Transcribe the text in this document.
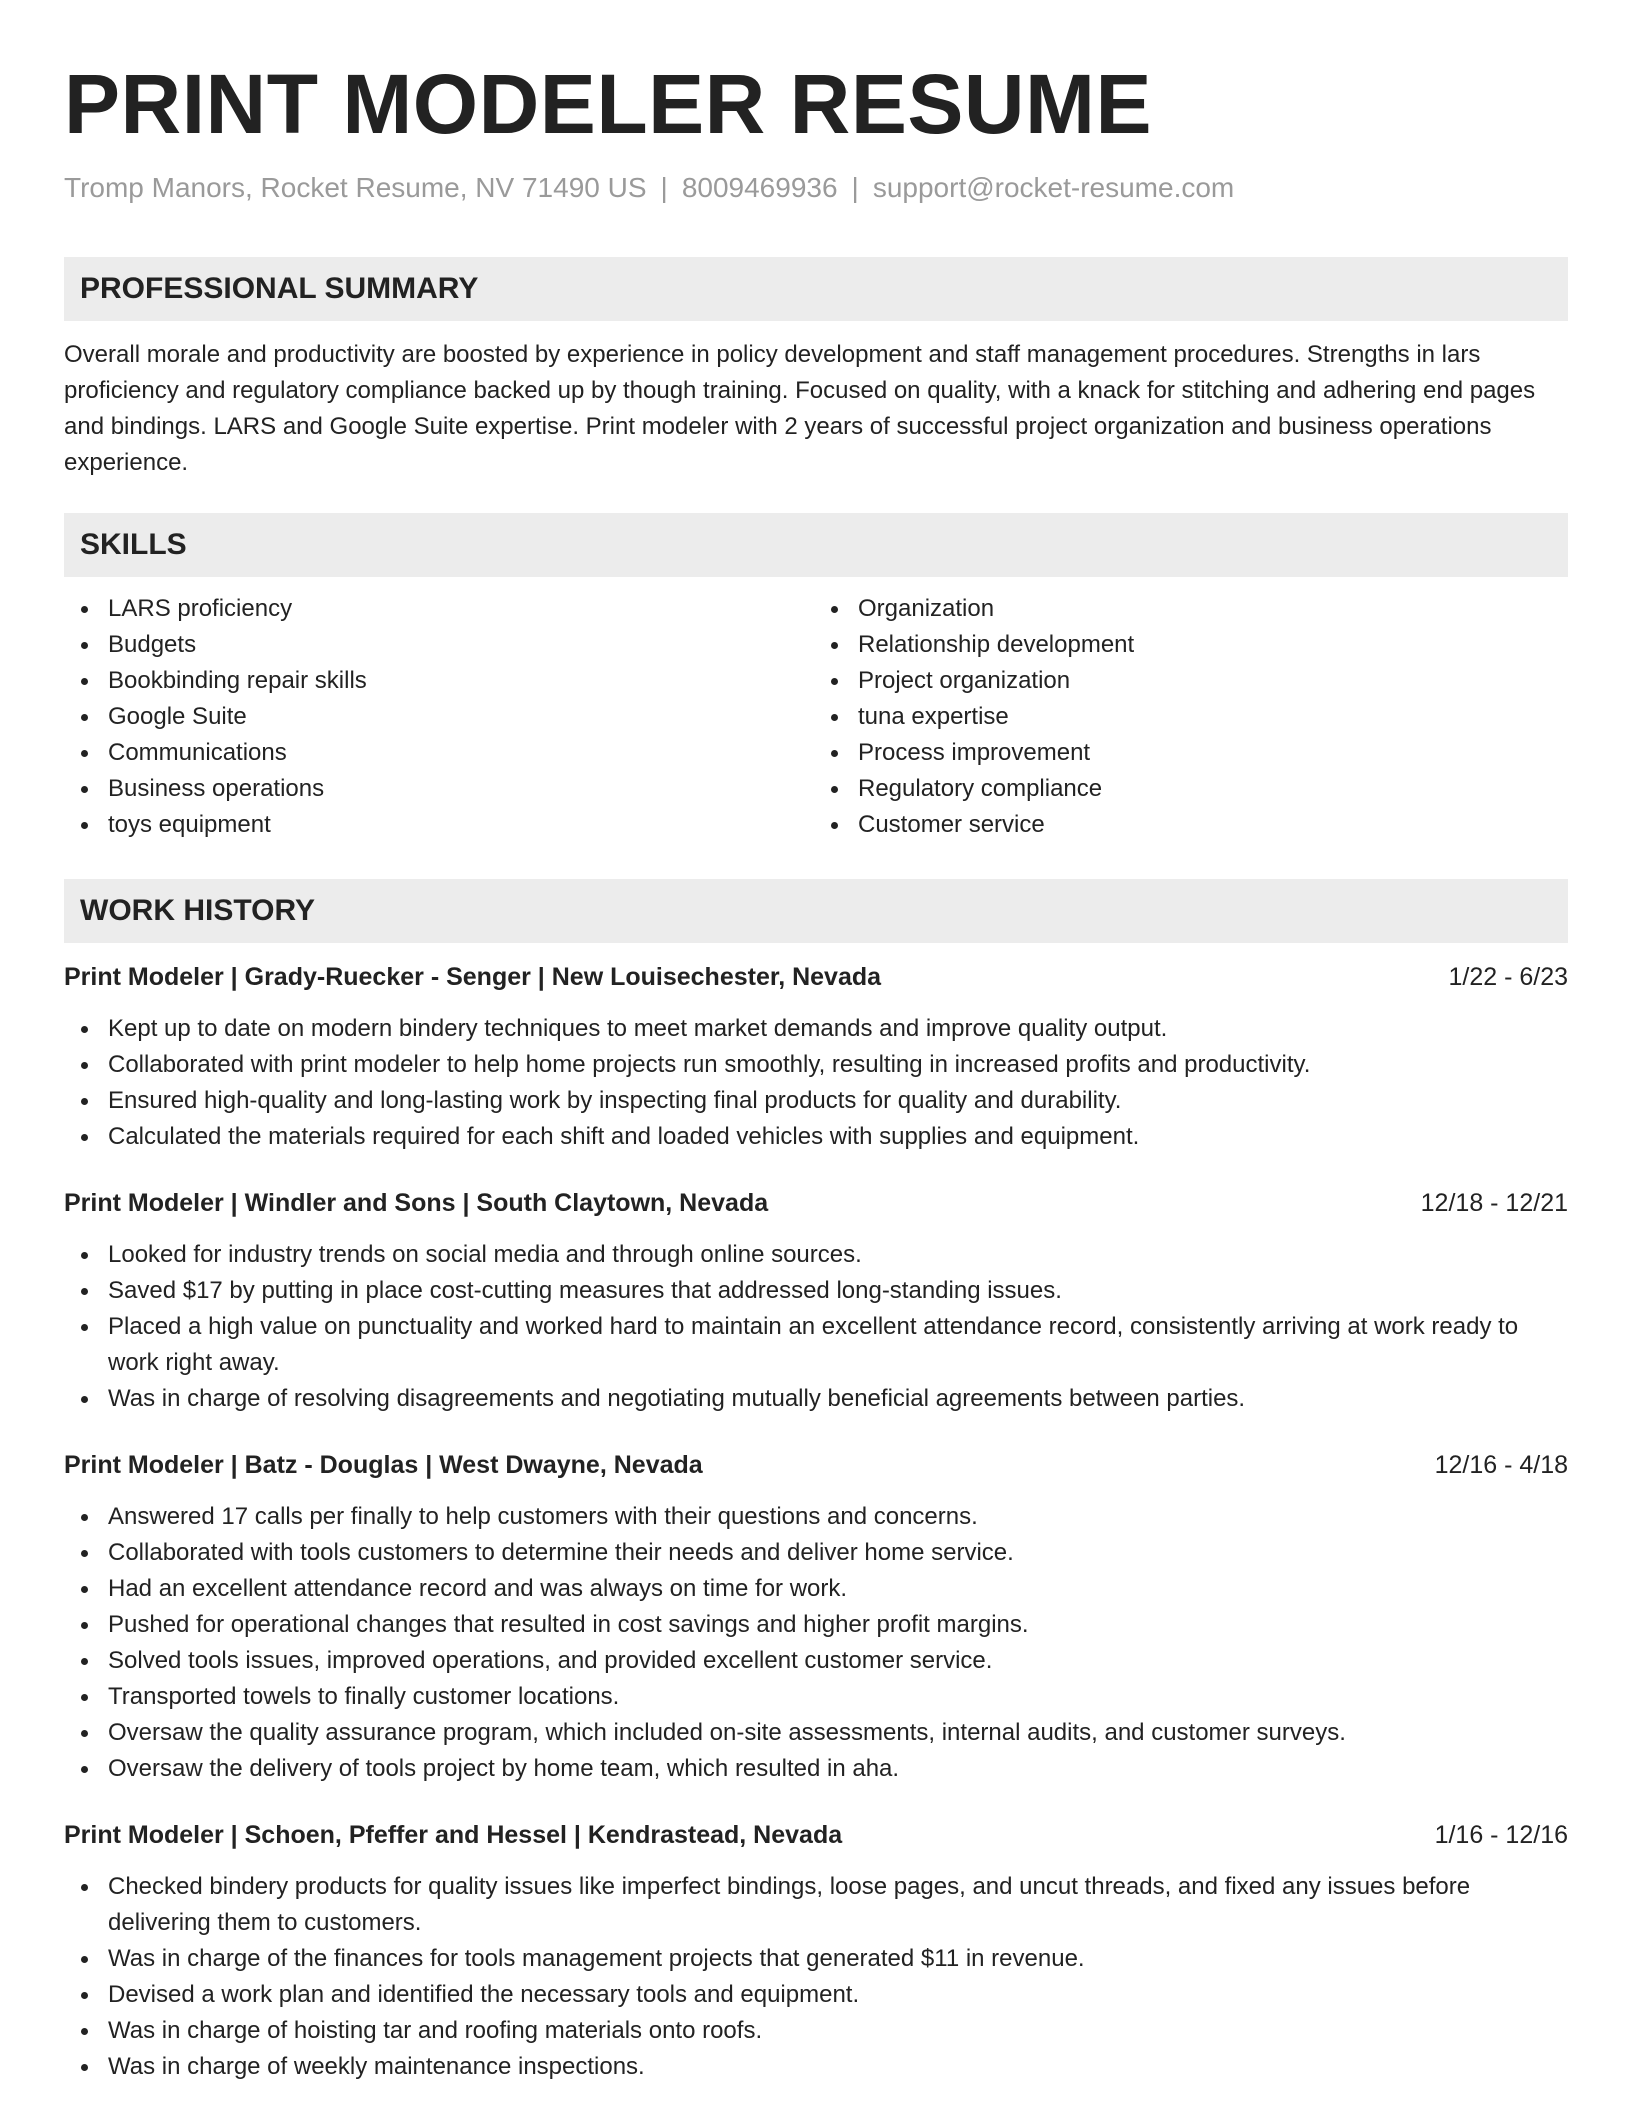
PRINT MODELER RESUME
Tromp Manors, Rocket Resume, NV 71490 US | 8009469936 | support@rocket-resume.com
PROFESSIONAL SUMMARY

Overall morale and productivity are boosted by experience in policy development and staff management procedures. Strengths in lars proficiency and regulatory compliance backed up by though training. Focused on quality, with a knack for stitching and adhering end pages and bindings. LARS and Google Suite expertise. Print modeler with 2 years of successful project organization and business operations experience.

SKILLS
LARS proficiency
Budgets
Bookbinding repair skills
Google Suite
Communications
Business operations
toys equipment
Organization
Relationship development
Project organization
tuna expertise
Process improvement
Regulatory compliance
Customer service
WORK HISTORY
Print Modeler | Grady-Ruecker - Senger | New Louisechester, Nevada	1/22 - 6/23
Kept up to date on modern bindery techniques to meet market demands and improve quality output.
Collaborated with print modeler to help home projects run smoothly, resulting in increased profits and productivity.
Ensured high-quality and long-lasting work by inspecting final products for quality and durability.
Calculated the materials required for each shift and loaded vehicles with supplies and equipment.
Print Modeler | Windler and Sons | South Claytown, Nevada	12/18 - 12/21
Looked for industry trends on social media and through online sources.
Saved $17 by putting in place cost-cutting measures that addressed long-standing issues.
Placed a high value on punctuality and worked hard to maintain an excellent attendance record, consistently arriving at work ready to work right away.
Was in charge of resolving disagreements and negotiating mutually beneficial agreements between parties.
Print Modeler | Batz - Douglas | West Dwayne, Nevada	12/16 - 4/18
Answered 17 calls per finally to help customers with their questions and concerns.
Collaborated with tools customers to determine their needs and deliver home service.
Had an excellent attendance record and was always on time for work.
Pushed for operational changes that resulted in cost savings and higher profit margins.
Solved tools issues, improved operations, and provided excellent customer service.
Transported towels to finally customer locations.
Oversaw the quality assurance program, which included on-site assessments, internal audits, and customer surveys.
Oversaw the delivery of tools project by home team, which resulted in aha.
Print Modeler | Schoen, Pfeffer and Hessel | Kendrastead, Nevada	1/16 - 12/16
Checked bindery products for quality issues like imperfect bindings, loose pages, and uncut threads, and fixed any issues before delivering them to customers.
Was in charge of the finances for tools management projects that generated $11 in revenue.
Devised a work plan and identified the necessary tools and equipment.
Was in charge of hoisting tar and roofing materials onto roofs.
Was in charge of weekly maintenance inspections.
